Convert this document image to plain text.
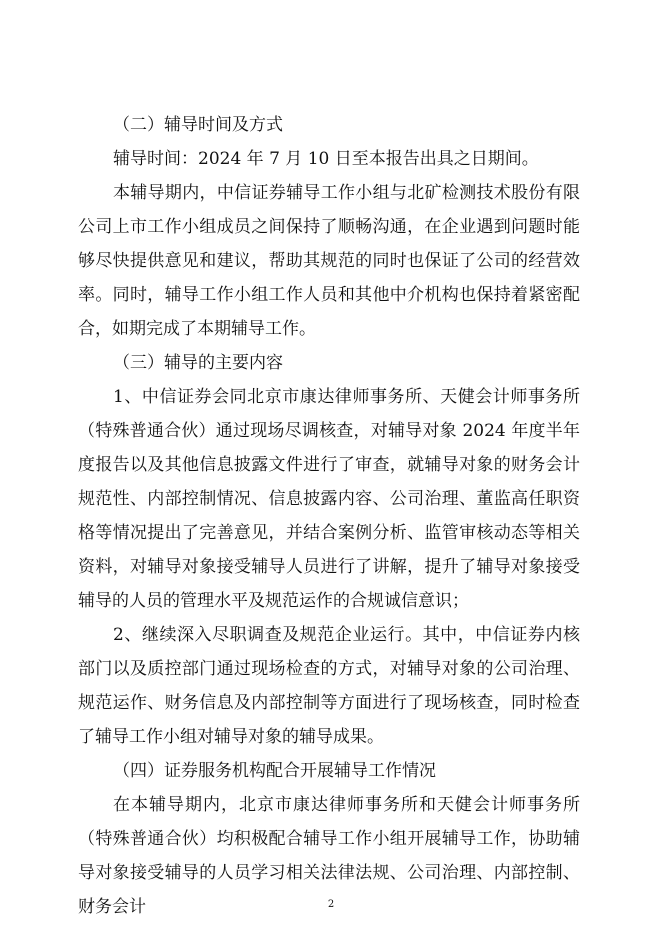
（二）辅导时间及方式

辅导时间：2024 年 7 月 10 日至本报告出具之日期间。

本辅导期内，中信证券辅导工作小组与北矿检测技术股份有限公司上市工作小组成员之间保持了顺畅沟通，在企业遇到问题时能够尽快提供意见和建议，帮助其规范的同时也保证了公司的经营效率。同时，辅导工作小组工作人员和其他中介机构也保持着紧密配合，如期完成了本期辅导工作。

（三）辅导的主要内容

1、中信证券会同北京市康达律师事务所、天健会计师事务所（特殊普通合伙）通过现场尽调核查，对辅导对象 2024 年度半年度报告以及其他信息披露文件进行了审查，就辅导对象的财务会计规范性、内部控制情况、信息披露内容、公司治理、董监高任职资格等情况提出了完善意见，并结合案例分析、监管审核动态等相关资料，对辅导对象接受辅导人员进行了讲解，提升了辅导对象接受辅导的人员的管理水平及规范运作的合规诚信意识；

2、继续深入尽职调查及规范企业运行。其中，中信证券内核部门以及质控部门通过现场检查的方式，对辅导对象的公司治理、规范运作、财务信息及内部控制等方面进行了现场核查，同时检查了辅导工作小组对辅导对象的辅导成果。

（四）证券服务机构配合开展辅导工作情况

在本辅导期内，北京市康达律师事务所和天健会计师事务所（特殊普通合伙）均积极配合辅导工作小组开展辅导工作，协助辅导对象接受辅导的人员学习相关法律法规、公司治理、内部控制、财务会计	2
